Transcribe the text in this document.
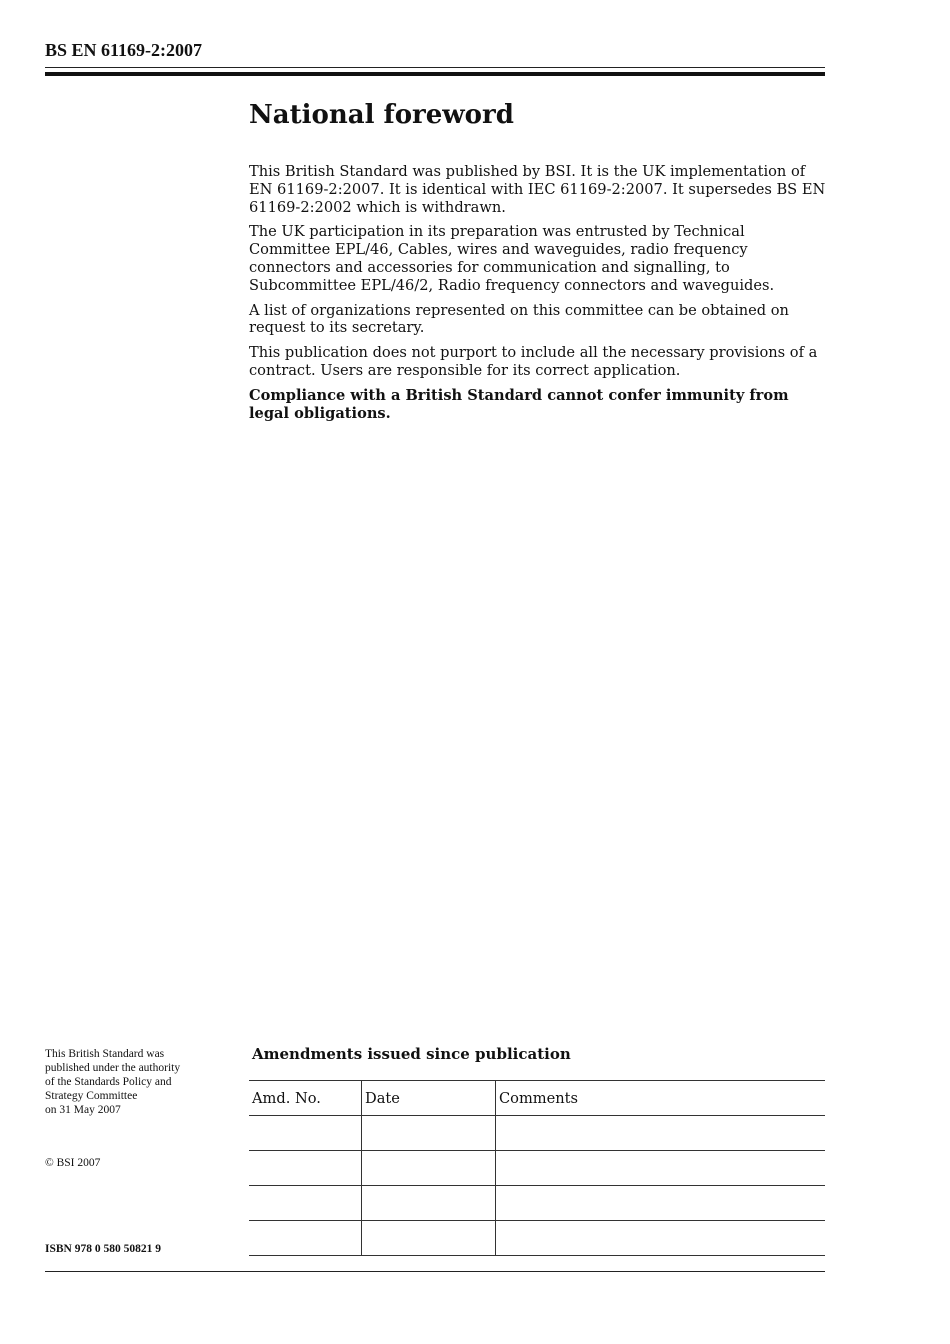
BS EN 61169-2:2007
National foreword

This British Standard was published by BSI. It is the UK implementation of EN 61169-2:2007. It is identical with IEC 61169-2:2007. It supersedes BS EN 61169-2:2002 which is withdrawn.

The UK participation in its preparation was entrusted by Technical Committee EPL/46, Cables, wires and waveguides, radio frequency connectors and accessories for communication and signalling, to Subcommittee EPL/46/2, Radio frequency connectors and waveguides.

A list of organizations represented on this committee can be obtained on request to its secretary.

This publication does not purport to include all the necessary provisions of a contract. Users are responsible for its correct application.

Compliance with a British Standard cannot confer immunity from legal obligations.

This British Standard was

published under the authority

of the Standards Policy and

Strategy Committee

on 31 May 2007

© BSI 2007
ISBN 978 0 580 50821 9
Amendments issued since publication
Amd. No.	Date	Comments
